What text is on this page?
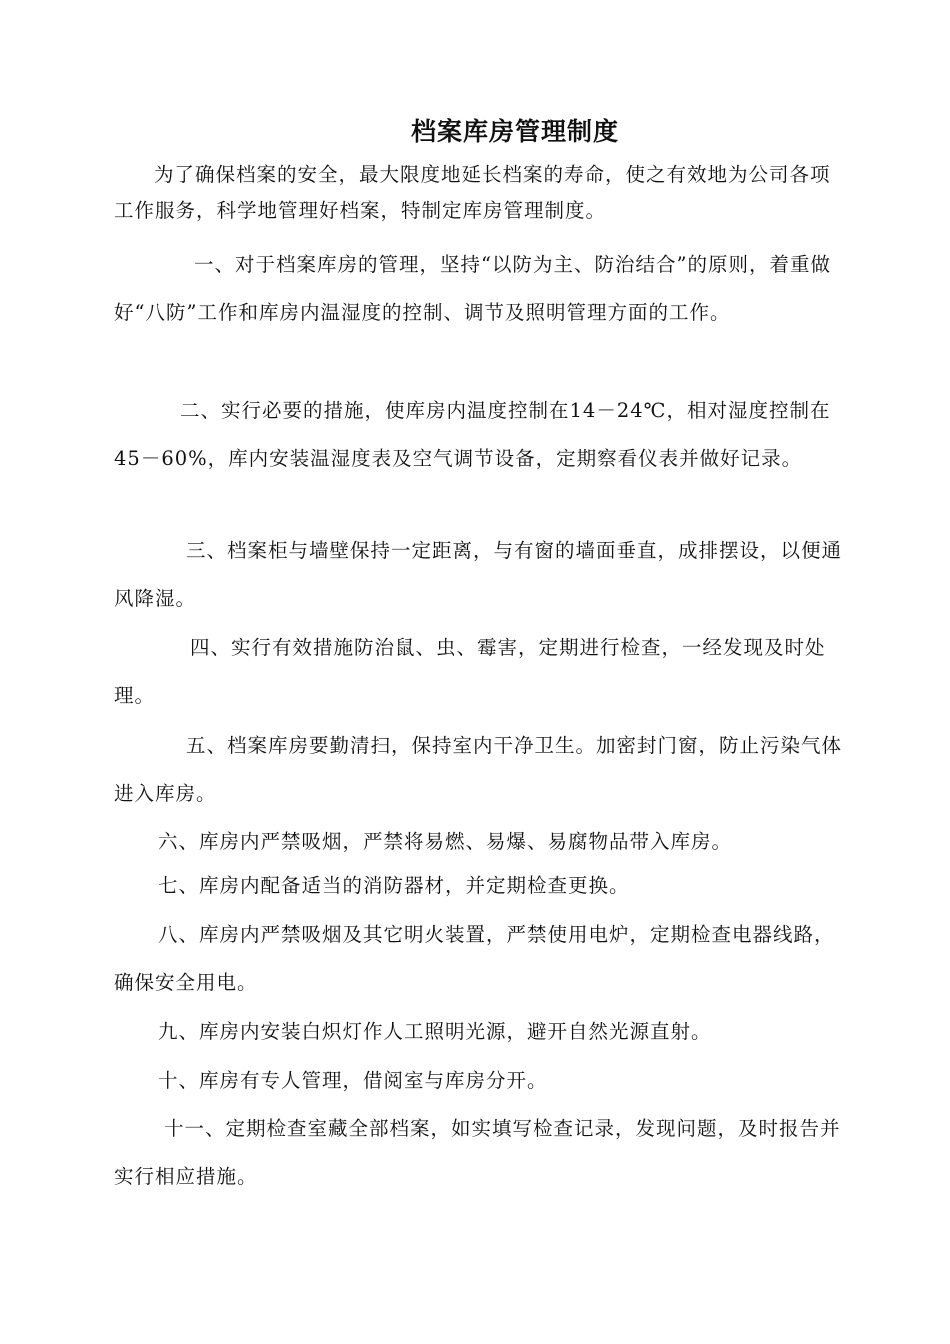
档案库房管理制度
为了确保档案的安全，最大限度地延长档案的寿命，使之有效地为公司各项工作服务，科学地管理好档案，特制定库房管理制度。
一、对于档案库房的管理，坚持“以防为主、防治结合”的原则，着重做好“八防”工作和库房内温湿度的控制、调节及照明管理方面的工作。
二、实行必要的措施，使库房内温度控制在14－24℃，相对湿度控制在45－60%，库内安装温湿度表及空气调节设备，定期察看仪表并做好记录。
三、档案柜与墙壁保持一定距离，与有窗的墙面垂直，成排摆设，以便通风降湿。
四、实行有效措施防治鼠、虫、霉害，定期进行检查，一经发现及时处理。
五、档案库房要勤清扫，保持室内干净卫生。加密封门窗，防止污染气体进入库房。
六、库房内严禁吸烟，严禁将易燃、易爆、易腐物品带入库房。
七、库房内配备适当的消防器材，并定期检查更换。
八、库房内严禁吸烟及其它明火装置，严禁使用电炉，定期检查电器线路，确保安全用电。
九、库房内安装白炽灯作人工照明光源，避开自然光源直射。
十、库房有专人管理，借阅室与库房分开。
十一、定期检查室藏全部档案，如实填写检查记录，发现问题，及时报告并实行相应措施。
